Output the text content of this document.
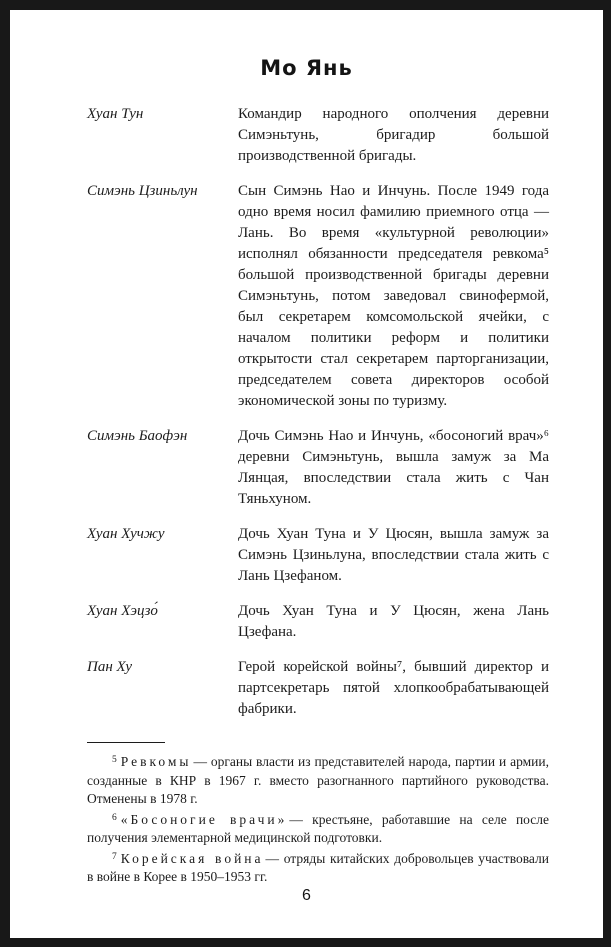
Мо Янь
Хуан Тун	Командир народного ополчения деревни Симэньтунь, бригадир большой производственной бригады.
Симэнь Цзиньлун	Сын Симэнь Нао и Инчунь. После 1949 года одно время носил фамилию приемного отца — Лань. Во время «культурной революции» исполнял обязанности председателя ревкома⁵ большой производственной бригады деревни Симэньтунь, потом заведовал свинофермой, был секретарем комсомольской ячейки, с началом политики реформ и политики открытости стал секретарем парторганизации, председателем совета директоров особой экономической зоны по туризму.
Симэнь Баофэн	Дочь Симэнь Нао и Инчунь, «босоногий врач»⁶ деревни Симэньтунь, вышла замуж за Ма Лянцая, впоследствии стала жить с Чан Тяньхуном.
Хуан Хучжу	Дочь Хуан Туна и У Цюсян, вышла замуж за Симэнь Цзиньлуна, впоследствии стала жить с Лань Цзефаном.
Хуан Хэцзо́	Дочь Хуан Туна и У Цюсян, жена Лань Цзефана.
Пан Ху	Герой корейской войны⁷, бывший директор и партсекретарь пятой хлопкообрабатывающей фабрики.
$^5$ Ревкомы — органы власти из представителей народа, партии и армии, созданные в КНР в 1967 г. вместо разогнанного партийного руководства. Отменены в 1978 г.
$^6$ «Босоногие врачи» — крестьяне, работавшие на селе после получения элементарной медицинской подготовки.
$^7$ Корейская война — отряды китайских добровольцев участвовали в войне в Корее в 1950–1953 гг.
6
